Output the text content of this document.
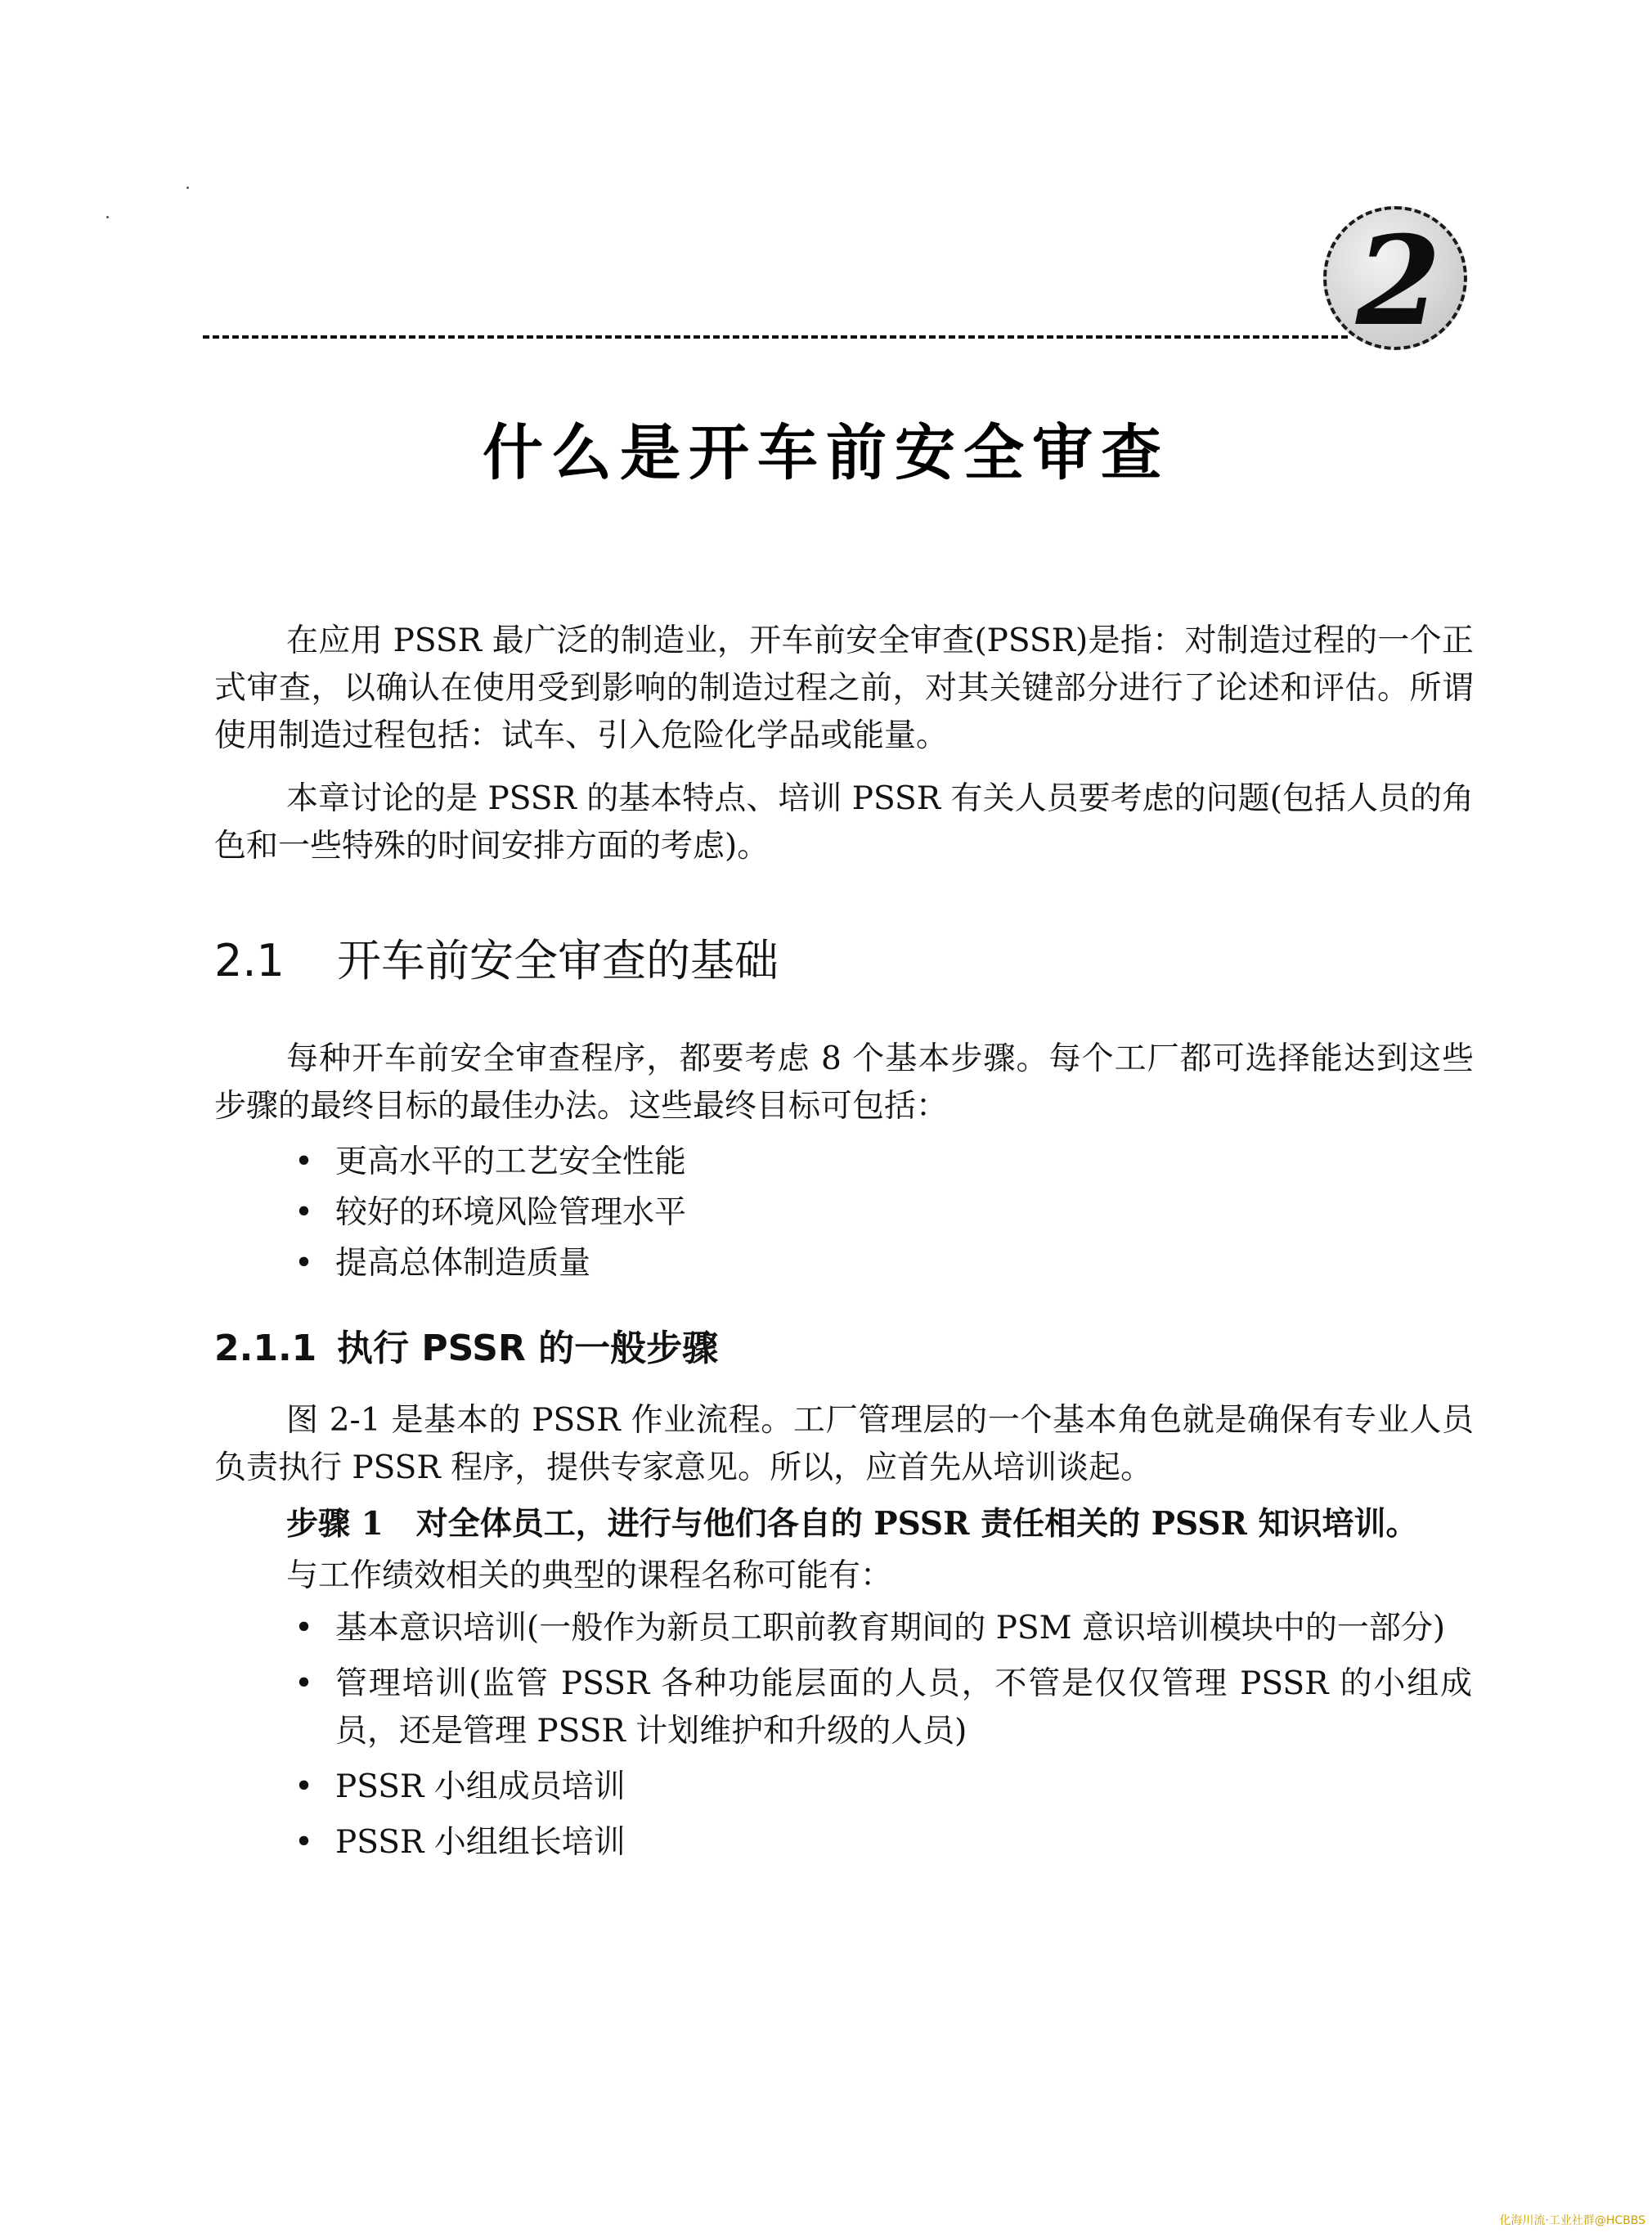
2
什么是开车前安全审查

在应用 PSSR 最广泛的制造业，开车前安全审查(PSSR)是指：对制造过程的一个正式审查，以确认在使用受到影响的制造过程之前，对其关键部分进行了论述和评估。所谓使用制造过程包括：试车、引入危险化学品或能量。

本章讨论的是 PSSR 的基本特点、培训 PSSR 有关人员要考虑的问题(包括人员的角色和一些特殊的时间安排方面的考虑)。

2.1 开车前安全审查的基础

每种开车前安全审查程序，都要考虑 8 个基本步骤。每个工厂都可选择能达到这些步骤的最终目标的最佳办法。这些最终目标可包括：

• 更高水平的工艺安全性能
• 较好的环境风险管理水平
• 提高总体制造质量
2.1.1 执行 PSSR 的一般步骤

图 2-1 是基本的 PSSR 作业流程。工厂管理层的一个基本角色就是确保有专业人员负责执行 PSSR 程序，提供专家意见。所以，应首先从培训谈起。

步骤 1 对全体员工，进行与他们各自的 PSSR 责任相关的 PSSR 知识培训。

与工作绩效相关的典型的课程名称可能有：

• 基本意识培训(一般作为新员工职前教育期间的 PSM 意识培训模块中的一部分)
• 管理培训(监管 PSSR 各种功能层面的人员，不管是仅仅管理 PSSR 的小组成员，还是管理 PSSR 计划维护和升级的人员)
• PSSR 小组成员培训
• PSSR 小组组长培训
化海川流·工业社群@HCBBS
